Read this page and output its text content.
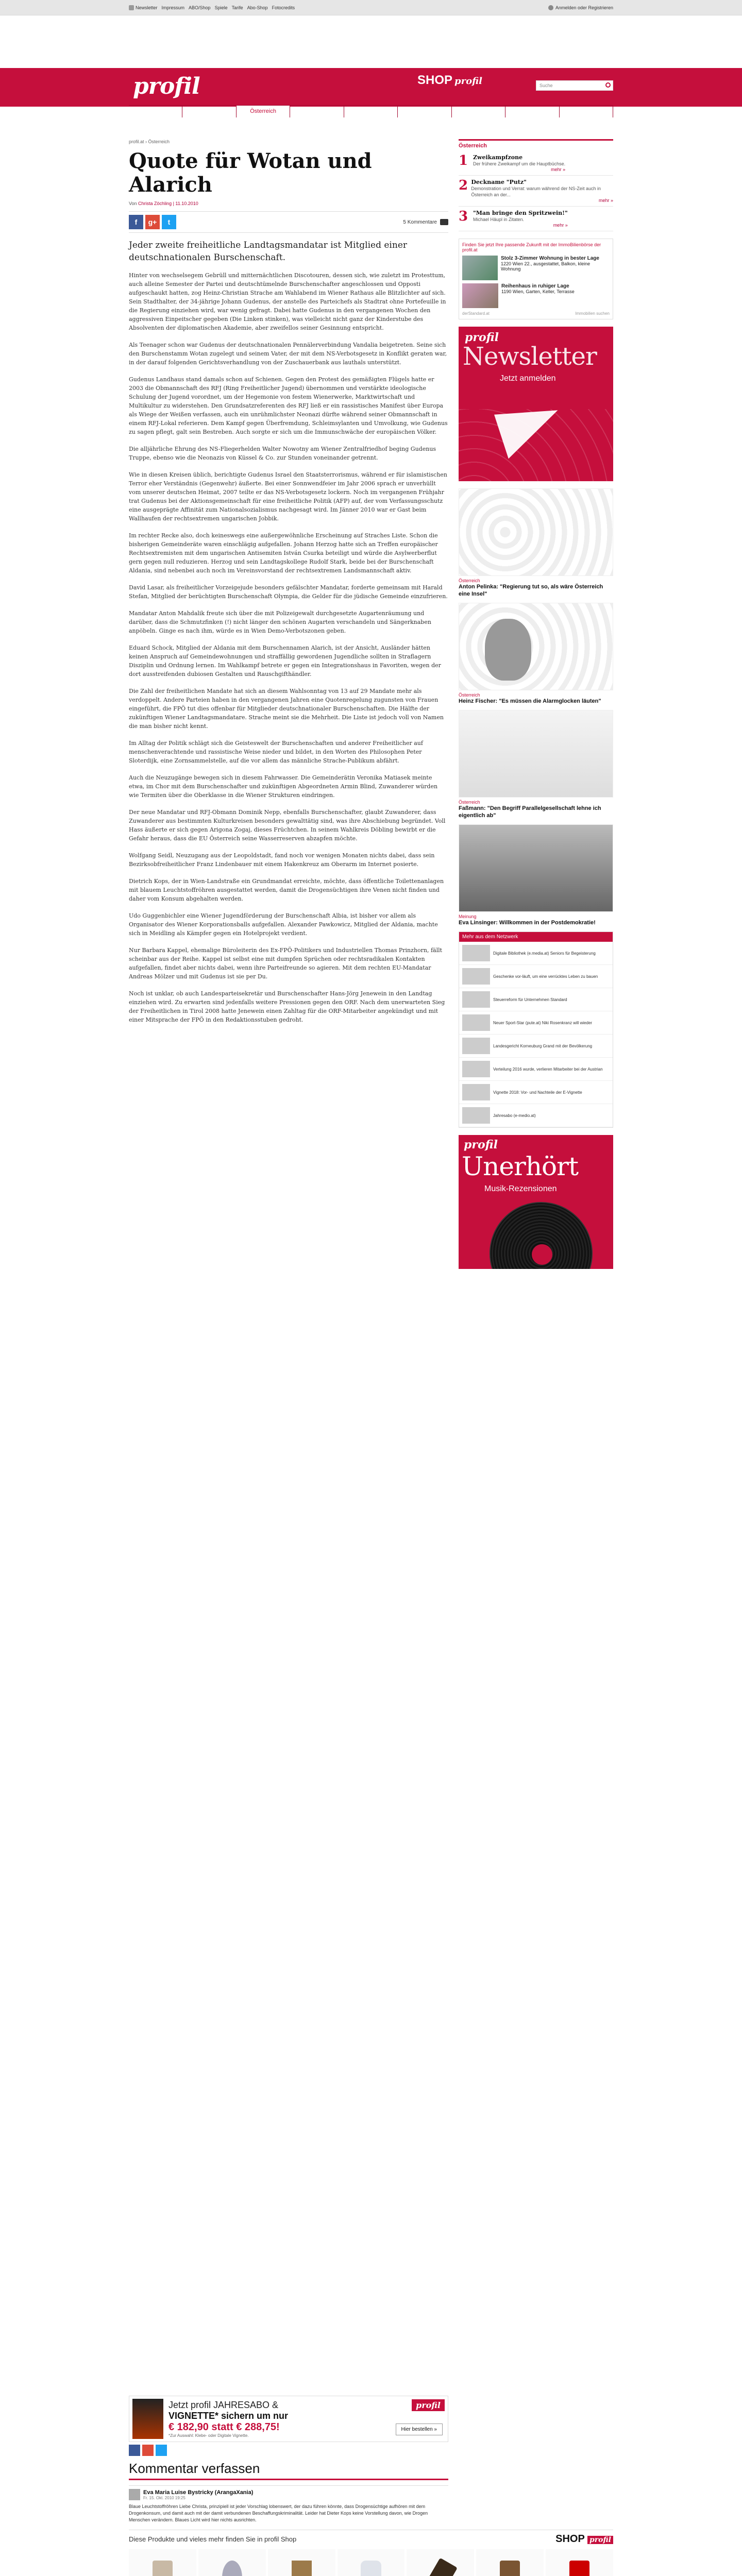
Newsletter Impressum ABO/Shop Spiele Tarife Abo-Shop Fotocredits	Anmelden oder Registrieren
profil	SHOP profil	Suche
Fokus/Spoet	Meinung	Österreich	Wirtschaft	Ausland	Gesellschaft	Wissenschaft	Kultur	Portfolio
profil.at › Österreich
Quote für Wotan und Alarich
Von Christa Zöchling | 11.10.2010
f	g+	t	5 Kommentare

Jeder zweite freiheitliche Landtagsmandatar ist Mitglied einer deutschnationalen Burschenschaft.

Hinter von wechselsegem Gebrüll und mitternächtlichen Discotouren, dessen sich, wie zuletzt im Protesttum, auch alleine Semester der Partei und deutschtümelnde Burschenschafter angeschlossen und Opposti aufgeschaukt hatten, zog Heinz-Christian Strache am Wahlabend im Wiener Rathaus alle Blitzlichter auf sich. Sein Stadthalter, der 34-jährige Johann Gudenus, der anstelle des Parteichefs als Stadtrat ohne Portefeuille in die Regierung einziehen wird, war wenig gefragt. Dabei hatte Gudenus in den vergangenen Wochen den aggressiven Einpeitscher gegeben (Die Linken stinken), was vielleicht nicht ganz der Kinderstube des Absolventen der diplomatischen Akademie, aber zweifellos seiner Gesinnung entspricht.

Als Teenager schon war Gudenus der deutschnationalen Pennälerverbindung Vandalia beigetreten. Seine sich den Burschenstamm Wotan zugelegt und seinem Vater, der mit dem NS-Verbotsgesetz in Konflikt geraten war, in der darauf folgenden Gerichtsverhandlung von der Zuschauerbank aus lauthals unterstützt.

Gudenus Landhaus stand damals schon auf Schienen. Gegen den Protest des gemäßigten Flügels hatte er 2003 die Obmannschaft des RFJ (Ring Freiheitlicher Jugend) übernommen und verstärkte ideologische Schulung der Jugend vorordnet, um der Hegemonie von festem Wienerwerke, Marktwirtschaft und Multikultur zu widerstehen. Den Grundsatzreferenten des RFJ ließ er ein rassistisches Manifest über Europa als Wiege der Weißen verfassen, auch ein unrühmlichster Neonazi dürfte während seiner Obmannschaft in einem RFJ-Lokal referieren. Dem Kampf gegen Überfremdung, Schleimsylanten und Umvolkung, wie Gudenus zu sagen pflegt, galt sein Bestreben. Auch sorgte er sich um die Immunschwäche der europäischen Völker.

Die alljährliche Ehrung des NS-Fliegerhelden Walter Nowotny am Wiener Zentralfriedhof beging Gudenus Truppe, ebenso wie die Neonazis von Küssel & Co. zur Stunden voneinander getrennt.

Wie in diesen Kreisen üblich, berichtigte Gudenus Israel den Staatsterrorismus, während er für islamistischen Terror eher Verständnis (Gegenwehr) äußerte. Bei einer Sonnwendfeier im Jahr 2006 sprach er unverhüllt vom unserer deutschen Heimat, 2007 teilte er das NS-Verbotsgesetz lockern. Noch im vergangenen Frühjahr trat Gudenus bei der Aktionsgemeinschaft für eine freiheitliche Politik (AFP) auf, der vom Verfassungsschutz eine ausgeprägte Affinität zum Nationalsozialismus nachgesagt wird. Im Jänner 2010 war er Gast beim Wallhaufen der rechtsextremen ungarischen Jobbik.

Im rechter Recke also, doch keineswegs eine außergewöhnliche Erscheinung auf Straches Liste. Schon die bisherigen Gemeinderäte waren einschlägig aufgefallen. Johann Herzog hatte sich an Treffen europäischer Rechtsextremisten mit dem ungarischen Antisemiten István Csurka beteiligt und würde die Asylwerberflut gern gegen null reduzieren. Herzog und sein Landtagskollege Rudolf Stark, beide bei der Burschenschaft Aldania, sind nebenbei auch noch im Vereinsvorstand der rechtsextremen Landsmannschaft aktiv.

David Lasar, als freiheitlicher Vorzeigejude besonders gefälschter Mandatar, forderte gemeinsam mit Harald Stefan, Mitglied der berüchtigten Burschenschaft Olympia, die Gelder für die jüdische Gemeinde einzufrieren.

Mandatar Anton Mahdalik freute sich über die mit Polizeigewalt durchgesetzte Augartenräumung und darüber, dass die Schmutzfinken (!) nicht länger den schönen Augarten verschandeln und Sängerknaben anpöbeln. Ginge es nach ihm, würde es in Wien Demo-Verbotszonen geben.

Eduard Schock, Mitglied der Aldania mit dem Burschennamen Alarich, ist der Ansicht, Ausländer hätten keinen Anspruch auf Gemeindewohnungen und straffällig gewordenen Jugendliche sollten in Straflagern Disziplin und Ordnung lernen. Im Wahlkampf betrete er gegen ein Integrationshaus in Favoriten, wegen der dort ausstreifenden dubiosen Gestalten und Rauschgifthändler.

Die Zahl der freiheitlichen Mandate hat sich an diesem Wahlsonntag von 13 auf 29 Mandate mehr als verdoppelt. Andere Parteien haben in den vergangenen Jahren eine Quotenregelung zugunsten von Frauen eingeführt, die FPÖ tut dies offenbar für Mitglieder deutschnationaler Burschenschaften. Die Hälfte der zukünftigen Wiener Landtagsmandatare. Strache meint sie die Mehrheit. Die Liste ist jedoch voll von Namen die man bisher nicht kennt.

Im Alltag der Politik schlägt sich die Geisteswelt der Burschenschaften und anderer Freiheitlicher auf menschenverachtende und rassistische Weise nieder und bildet, in den Worten des Philosophen Peter Sloterdijk, eine Zornsammelstelle, auf die vor allem das männliche Strache-Publikum abfährt.

Auch die Neuzugänge bewegen sich in diesem Fahrwasser. Die Gemeinderätin Veronika Matiasek meinte etwa, im Chor mit dem Burschenschafter und zukünftigen Abgeordneten Armin Blind, Zuwanderer würden wie Termiten über die Oberklasse in die Wiener Strukturen eindringen.

Der neue Mandatar und RFJ-Obmann Dominik Nepp, ebenfalls Burschenschafter, glaubt Zuwanderer, dass Zuwanderer aus bestimmten Kulturkreisen besonders gewalttätig sind, was ihre Abschiebung begründet. Voll Hass äußerte er sich gegen Arigona Zogaj, dieses Früchtchen. In seinem Wahlkreis Döbling bewirbt er die Gefahr heraus, dass die EU Österreich seine Wasserreserven abzapfen möchte.

Wolfgang Seidl, Neuzugang aus der Leopoldstadt, fand noch vor wenigen Monaten nichts dabei, dass sein Bezirksobfreiheitlicher Franz Lindenbauer mit einem Hakenkreuz am Oberarm im Internet posierte.

Dietrich Kops, der in Wien-Landstraße ein Grundmandat erreichte, möchte, dass öffentliche Toilettenanlagen mit blauem Leuchtstoffröhren ausgestattet werden, damit die Drogensüchtigen ihre Venen nicht finden und daher vom Konsum abgehalten werden.

Udo Guggenbichler eine Wiener Jugendförderung der Burschenschaft Albia, ist bisher vor allem als Organisator des Wiener Korporationsballs aufgefallen. Alexander Pawkowicz, Mitglied der Aldania, machte sich in Meidling als Kämpfer gegen ein Hotelprojekt verdient.

Nur Barbara Kappel, ehemalige Büroleiterin des Ex-FPÖ-Politikers und Industriellen Thomas Prinzhorn, fällt scheinbar aus der Reihe. Kappel ist selbst eine mit dumpfen Sprüchen oder rechtsradikalen Kontakten aufgefallen, findet aber nichts dabei, wenn ihre Parteifreunde so agieren. Mit dem rechten EU-Mandatar Andreas Mölzer und mit Gudenus ist sie per Du.

Noch ist unklar, ob auch Landesparteisekretär und Burschenschafter Hans-Jörg Jenewein in den Landtag einziehen wird. Zu erwarten sind jedenfalls weitere Pressionen gegen den ORF. Nach dem unerwarteten Sieg der Freiheitlichen in Tirol 2008 hatte Jenewein einen Zahltag für die ORF-Mitarbeiter angekündigt und mit einer Mitsprache der FPÖ in den Redaktionsstuben gedroht.

Österreich
1 Zweikampfzone
Der frühere Zweikampf um die Hauptbüchse.
mehr »
2 Deckname "Putz"
Demonstration und Verrat: warum während der NS-Zeit auch in Österreich an der...
mehr »
3 "Man bringe den Spritzwein!"
Michael Häupl in Zitaten.
mehr »
Finden Sie jetzt Ihre passende Zukunft mit der ImmoBilienbörse der profil.at
Stolz 3-Zimmer Wohnung in bester Lage
1220 Wien 22., ausgestattet, Balkon, kleine Wohnung
Reihenhaus in ruhiger Lage
1190 Wien, Garten, Keller, Terrasse
derStandard.at	Immobilien suchen
profil
Newsletter
Jetzt anmelden
Österreich
Anton Pelinka: "Regierung tut so, als wäre Österreich eine Insel"
Österreich
Heinz Fischer: "Es müssen die Alarmglocken läuten"
Österreich
Faßmann: "Den Begriff Parallelgesellschaft lehne ich eigentlich ab"
Meinung
Eva Linsinger: Willkommen in der Postdemokratie!
Mehr aus dem Netzwerk
Digitale Bibliothek (e.media.at) Seniors für Begeisterung
Geschenke vor-läuft, um eine verrücktes Leben zu bauen
Steuerreform für Unternehmen Standard
Neuer Sport-Star (pute.at) Niki Rosenkranz will wieder
Landesgericht Korneuburg Grand mit der Bevölkerung
Verteilung 2016 wurde, verlieren Mitarbeiter bei der Austrian
Vignette 2018: Vor- und Nachteile der E-Vignette
Jahresabo (e-medio.at)
profil
Unerhört
Musik-Rezensionen
Jetzt profil JAHRESABO &
VIGNETTE* sichern um nur
€ 182,90 statt € 288,75!
*Zur Auswahl: Klebe- oder Digitale Vignette.
profil
Hier bestellen »
Kommentar verfassen
Eva Maria Luise Bystricky (ArangaXania)
Fr. 15. Okt. 2010 19:25
Blaue Leuchtstoffröhren Liebe Christa, prinzipiell ist jeder Vorschlag lobenswert, der dazu führen könnte, dass Drogensüchtige aufhören mit dem Drogenkonsum, und damit auch mit der damit verbundenen Beschaffungskriminalität. Leider hat Dieter Kops keine Vorstellung davon, wie Drogen Menschen verändern. Blaues Licht wird hier nichts ausrichten.
Diese Produkte und vieles mehr finden Sie in profil Shop	SHOP profil
